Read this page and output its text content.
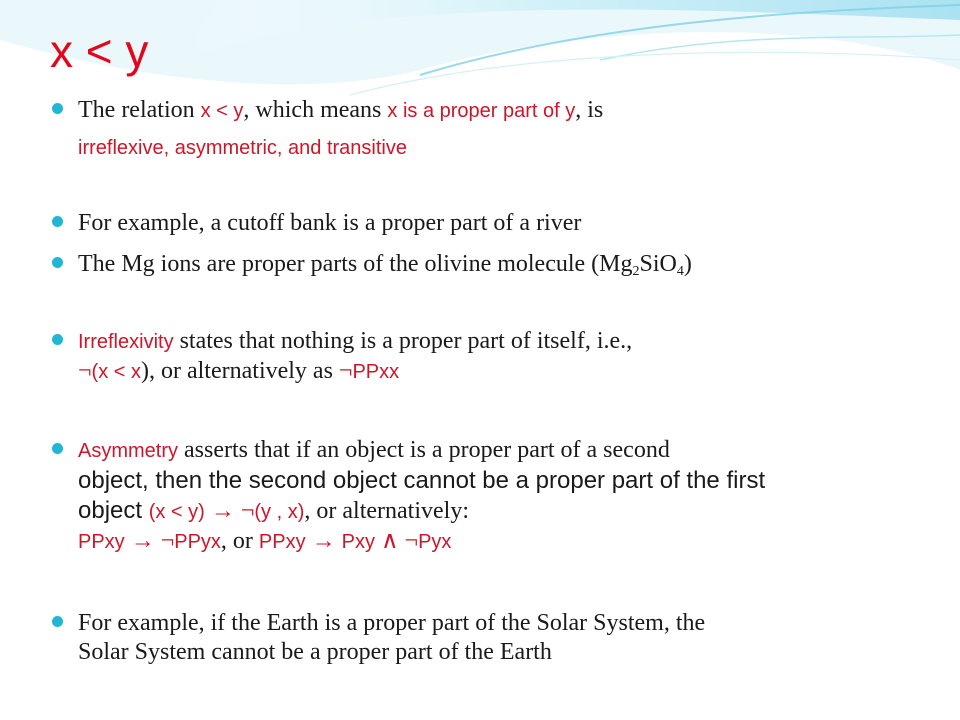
x < y
The relation x < y, which means x is a proper part of y, is
irreflexive, asymmetric, and transitive
For example, a cutoff bank is a proper part of a river
The Mg ions are proper parts of the olivine molecule $(Mg_2SiO_4)$
Irreflexivity states that nothing is a proper part of itself, i.e.,
¬(x < x), or alternatively as ¬PPxx
Asymmetry asserts that if an object is a proper part of a second
object, then the second object cannot be a proper part of the first
object (x < y) → ¬(y , x), or alternatively:
PPxy → ¬PPyx, or PPxy → Pxy ∧ ¬Pyx
For example, if the Earth is a proper part of the Solar System, the
Solar System cannot be a proper part of the Earth
